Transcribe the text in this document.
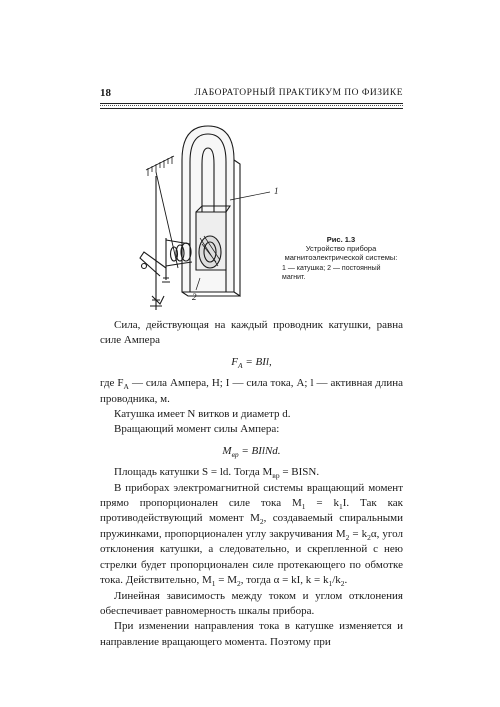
18	ЛАБОРАТОРНЫЙ ПРАКТИКУМ ПО ФИЗИКЕ
1
2
Рис. 1.3
Устройство прибора магнитоэлектрической системы:
1 — катушка; 2 — постоянный магнит.

Сила, действующая на каждый проводник катушки, равна силе Ампера

$F_A$ = BIl,

где $F_A$ — сила Ампера, Н; I — сила тока, А; l — активная длина проводника, м.

Катушка имеет N витков и диаметр d.

Вращающий момент силы Ампера:

$M_{вр}$ = BIlNd.

Площадь катушки S = ld. Тогда $M_{вр}$ = BISN.

В приборах электромагнитной системы вращающий момент прямо пропорционален силе тока $M_1 = k_1I$. Так как противодействующий момент $M_2$, создаваемый спиральными пружинками, пропорционален углу закручивания $M_2 = k_2\alpha$, угол отклонения катушки, а следовательно, и скрепленной с нею стрелки будет пропорционален силе протекающего по обмотке тока. Действительно, $M_1 = M_2$, тогда α = kI, $k = k_1/k_2$.

Линейная зависимость между током и углом отклонения обеспечивает равномерность шкалы прибора.

При изменении направления тока в катушке изменяется и направление вращающего момента. Поэтому при
